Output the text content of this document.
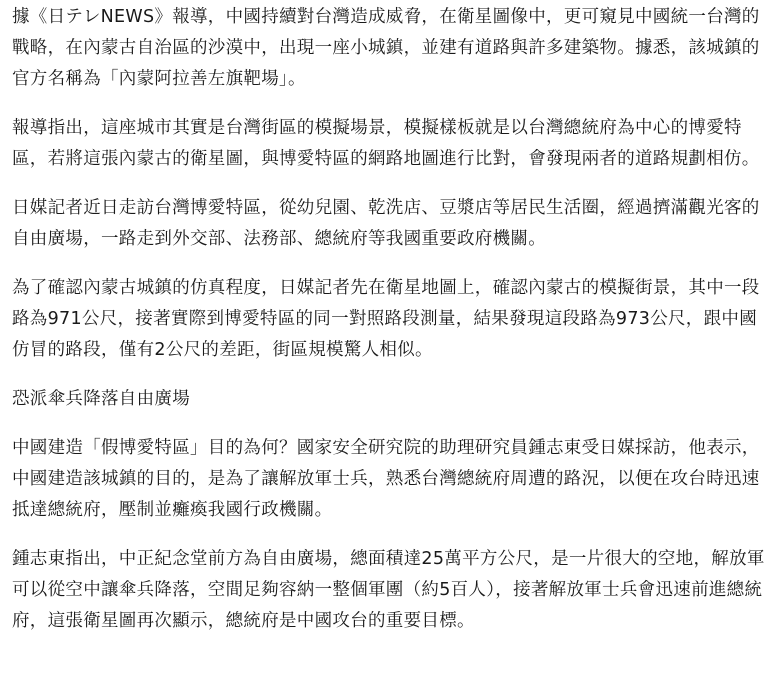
據《日テレNEWS》報導，中國持續對台灣造成威脅，在衛星圖像中，更可窺見中國統一台灣的戰略，在內蒙古自治區的沙漠中，出現一座小城鎮，並建有道路與許多建築物。據悉，該城鎮的官方名稱為「內蒙阿拉善左旗靶場」。

報導指出，這座城市其實是台灣街區的模擬場景，模擬樣板就是以台灣總統府為中心的博愛特區，若將這張內蒙古的衛星圖，與博愛特區的網路地圖進行比對，會發現兩者的道路規劃相仿。

日媒記者近日走訪台灣博愛特區，從幼兒園、乾洗店、豆漿店等居民生活圈，經過擠滿觀光客的自由廣場，一路走到外交部、法務部、總統府等我國重要政府機關。

為了確認內蒙古城鎮的仿真程度，日媒記者先在衛星地圖上，確認內蒙古的模擬街景，其中一段路為971公尺，接著實際到博愛特區的同一對照路段測量，結果發現這段路為973公尺，跟中國仿冒的路段，僅有2公尺的差距，街區規模驚人相似。

恐派傘兵降落自由廣場

中國建造「假博愛特區」目的為何？國家安全研究院的助理研究員鍾志東受日媒採訪，他表示，中國建造該城鎮的目的，是為了讓解放軍士兵，熟悉台灣總統府周遭的路況，以便在攻台時迅速抵達總統府，壓制並癱瘓我國行政機關。

鍾志東指出，中正紀念堂前方為自由廣場，總面積達25萬平方公尺，是一片很大的空地，解放軍可以從空中讓傘兵降落，空間足夠容納一整個軍團（約5百人），接著解放軍士兵會迅速前進總統府，這張衛星圖再次顯示，總統府是中國攻台的重要目標。
